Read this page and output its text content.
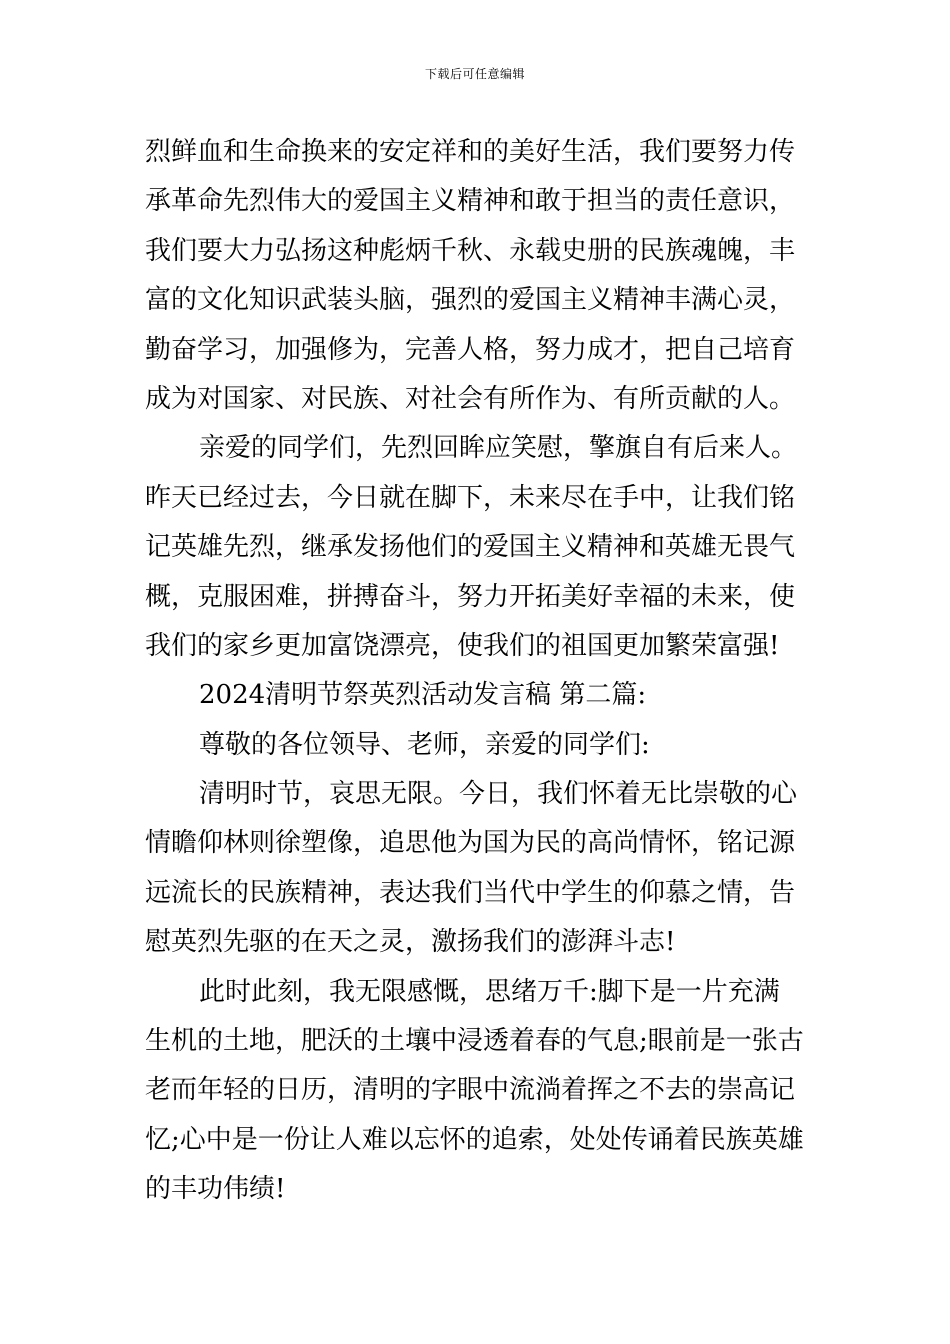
下载后可任意编辑
烈鲜血和生命换来的安定祥和的美好生活，我们要努力传
承革命先烈伟大的爱国主义精神和敢于担当的责任意识，
我们要大力弘扬这种彪炳千秋、永载史册的民族魂魄，丰
富的文化知识武装头脑，强烈的爱国主义精神丰满心灵，
勤奋学习，加强修为，完善人格，努力成才，把自己培育
成为对国家、对民族、对社会有所作为、有所贡献的人。
亲爱的同学们，先烈回眸应笑慰，擎旗自有后来人。
昨天已经过去，今日就在脚下，未来尽在手中，让我们铭
记英雄先烈，继承发扬他们的爱国主义精神和英雄无畏气
概，克服困难，拼搏奋斗，努力开拓美好幸福的未来，使
我们的家乡更加富饶漂亮，使我们的祖国更加繁荣富强!
2024清明节祭英烈活动发言稿 第二篇:
尊敬的各位领导、老师，亲爱的同学们:
清明时节，哀思无限。今日，我们怀着无比崇敬的心
情瞻仰林则徐塑像，追思他为国为民的高尚情怀，铭记源
远流长的民族精神，表达我们当代中学生的仰慕之情，告
慰英烈先驱的在天之灵，激扬我们的澎湃斗志!
此时此刻，我无限感慨，思绪万千:脚下是一片充满
生机的土地，肥沃的土壤中浸透着春的气息;眼前是一张古
老而年轻的日历，清明的字眼中流淌着挥之不去的崇高记
忆;心中是一份让人难以忘怀的追索，处处传诵着民族英雄
的丰功伟绩!
